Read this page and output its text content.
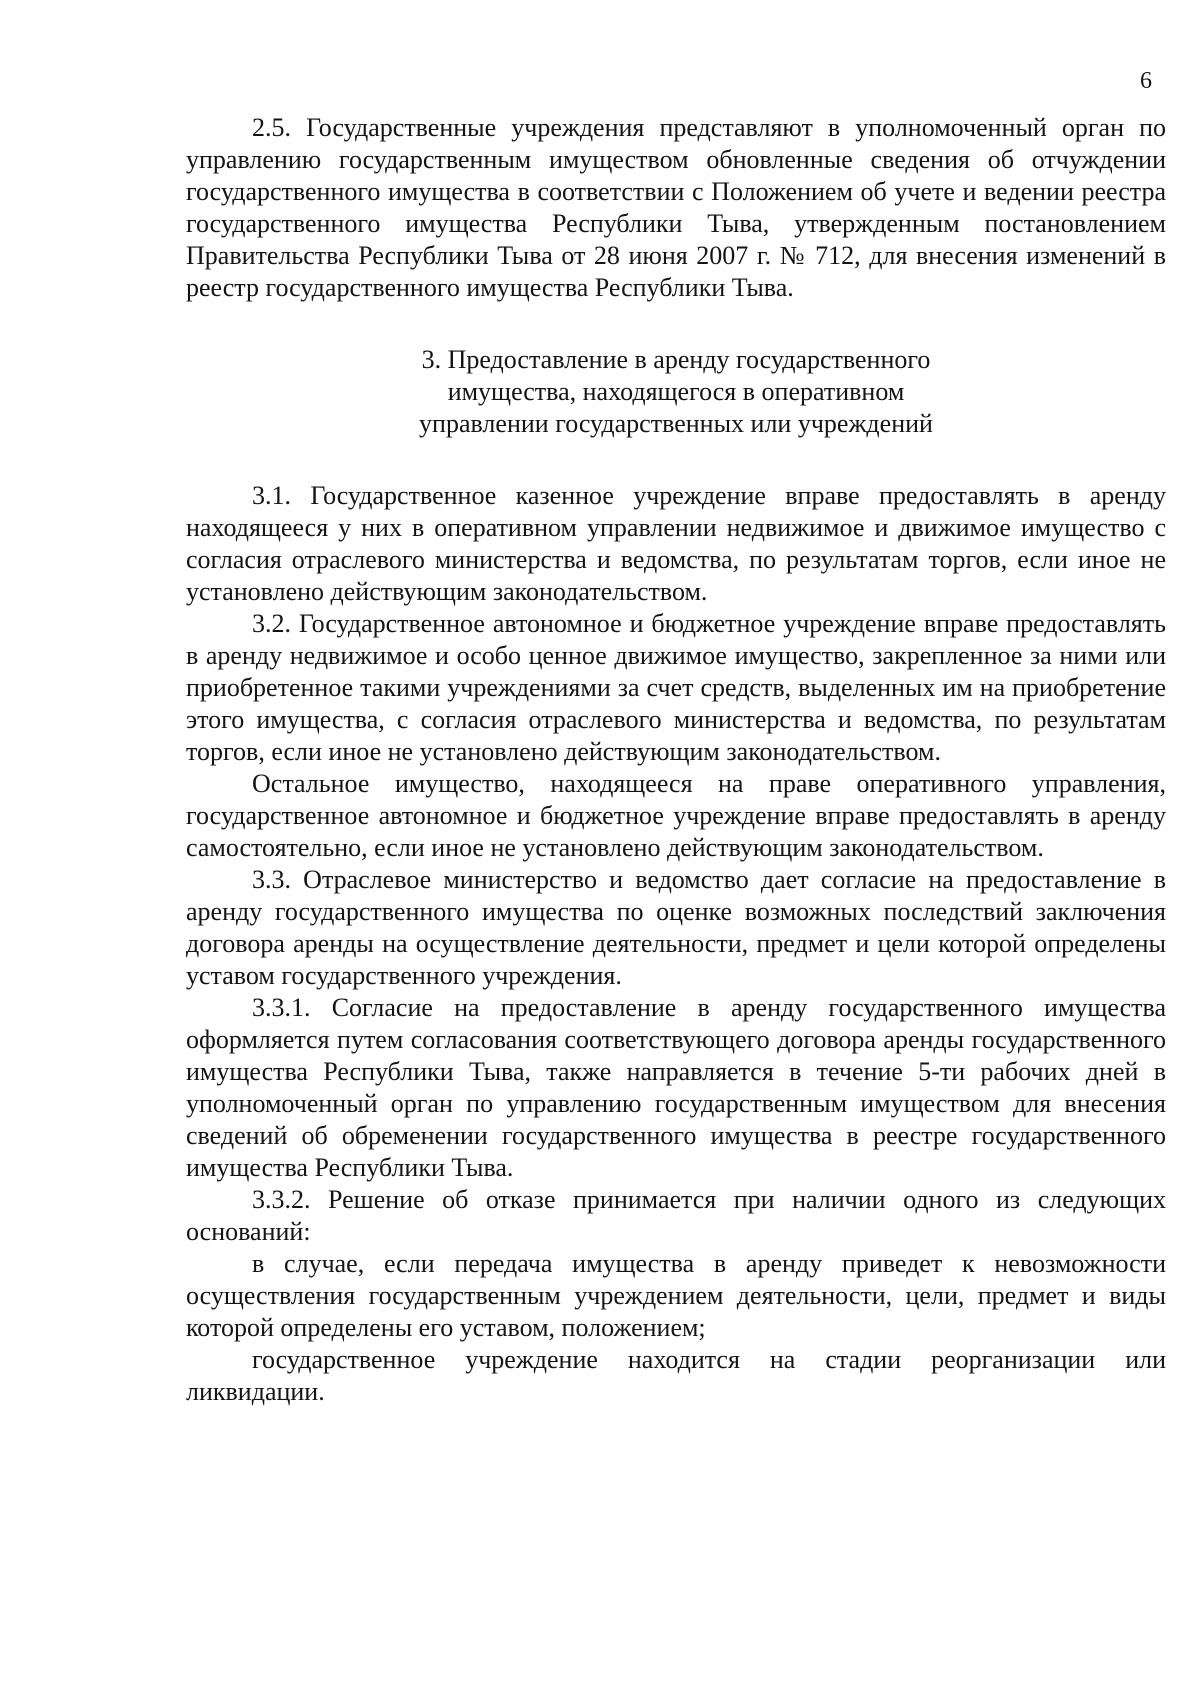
6

2.5. Государственные учреждения представляют в уполномоченный орган по управлению государственным имуществом обновленные сведения об отчуждении государственного имущества в соответствии с Положением об учете и ведении реестра государственного имущества Республики Тыва, утвержденным постановлением Правительства Республики Тыва от 28 июня 2007 г. № 712, для внесения изменений в реестр государственного имущества Республики Тыва.

3. Предоставление в аренду государственного
имущества, находящегося в оперативном
управлении государственных или учреждений

3.1. Государственное казенное учреждение вправе предоставлять в аренду находящееся у них в оперативном управлении недвижимое и движимое имущество с согласия отраслевого министерства и ведомства, по результатам торгов, если иное не установлено действующим законодательством.

3.2. Государственное автономное и бюджетное учреждение вправе предоставлять в аренду недвижимое и особо ценное движимое имущество, закрепленное за ними или приобретенное такими учреждениями за счет средств, выделенных им на приобретение этого имущества, с согласия отраслевого министерства и ведомства, по результатам торгов, если иное не установлено действующим законодательством.

Остальное имущество, находящееся на праве оперативного управления, государственное автономное и бюджетное учреждение вправе предоставлять в аренду самостоятельно, если иное не установлено действующим законодательством.

3.3. Отраслевое министерство и ведомство дает согласие на предоставление в аренду государственного имущества по оценке возможных последствий заключения договора аренды на осуществление деятельности, предмет и цели которой определены уставом государственного учреждения.

3.3.1. Согласие на предоставление в аренду государственного имущества оформляется путем согласования соответствующего договора аренды государственного имущества Республики Тыва, также направляется в течение 5-ти рабочих дней в уполномоченный орган по управлению государственным имуществом для внесения сведений об обременении государственного имущества в реестре государственного имущества Республики Тыва.

3.3.2. Решение об отказе принимается при наличии одного из следующих оснований:

в случае, если передача имущества в аренду приведет к невозможности осуществления государственным учреждением деятельности, цели, предмет и виды которой определены его уставом, положением;

государственное учреждение находится на стадии реорганизации или ликвидации.
